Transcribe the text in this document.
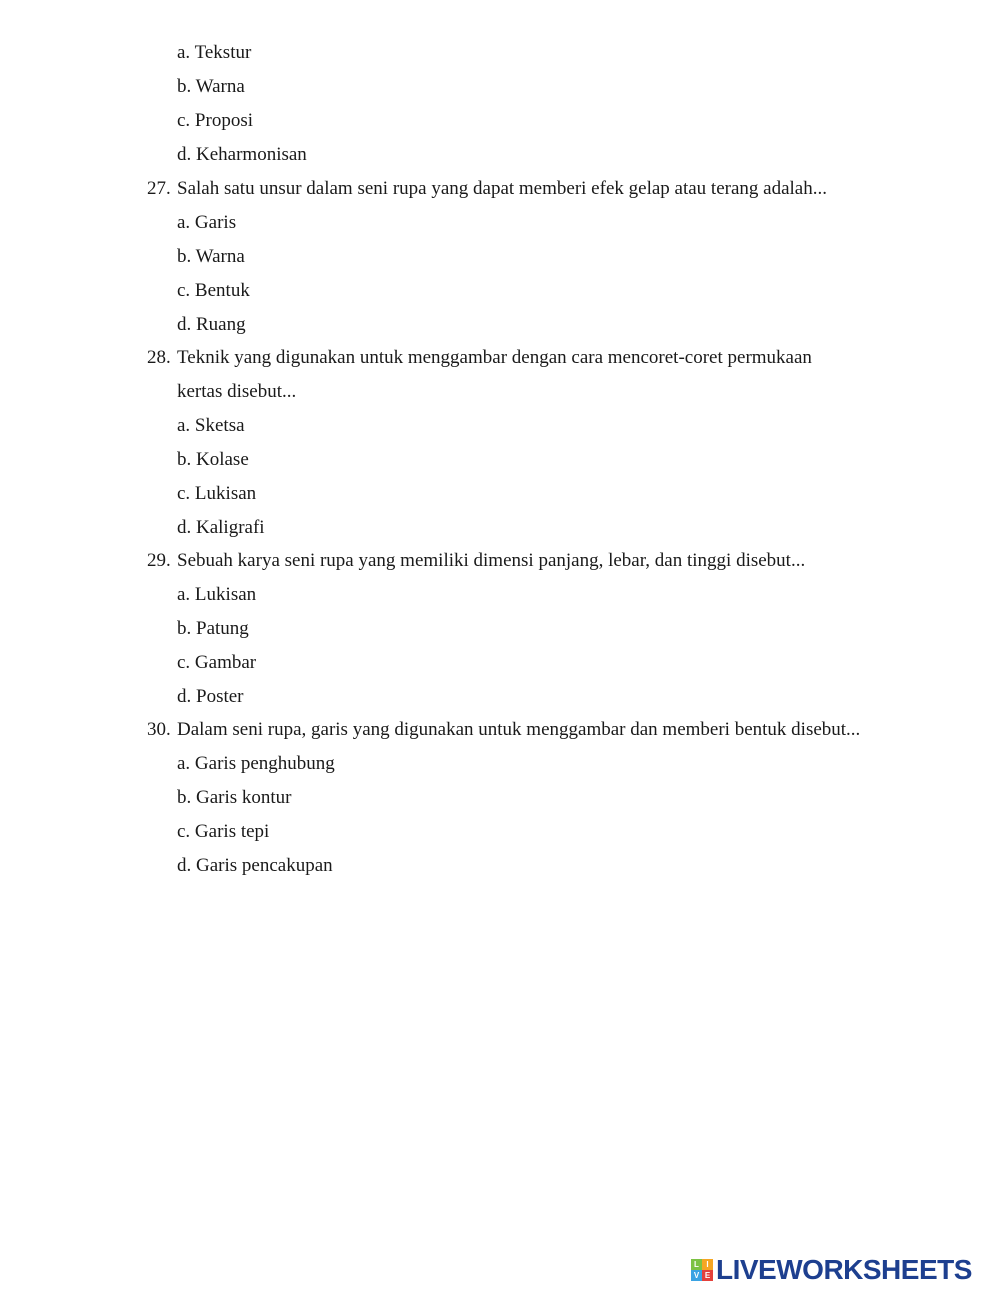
a. Tekstur
b. Warna
c. Proposi
d. Keharmonisan
27. Salah satu unsur dalam seni rupa yang dapat memberi efek gelap atau terang adalah...
a. Garis
b. Warna
c. Bentuk
d. Ruang
28. Teknik yang digunakan untuk menggambar dengan cara mencoret-coret permukaan
kertas disebut...
a. Sketsa
b. Kolase
c. Lukisan
d. Kaligrafi
29. Sebuah karya seni rupa yang memiliki dimensi panjang, lebar, dan tinggi disebut...
a. Lukisan
b. Patung
c. Gambar
d. Poster
30. Dalam seni rupa, garis yang digunakan untuk menggambar dan memberi bentuk disebut...
a. Garis penghubung
b. Garis kontur
c. Garis tepi
d. Garis pencakupan
L I
V E LIVEWORKSHEETS
